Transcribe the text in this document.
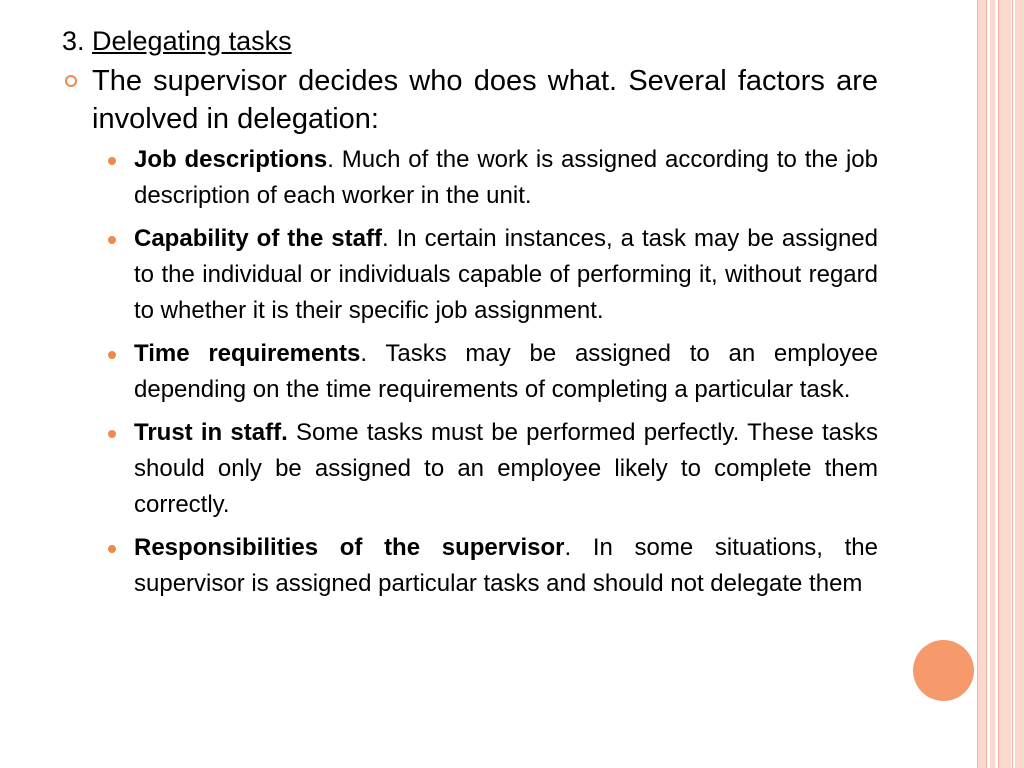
3. Delegating tasks
The supervisor decides who does what. Several factors are involved in delegation:
Job descriptions. Much of the work is assigned according to the job description of each worker in the unit.
Capability of the staff. In certain instances, a task may be assigned to the individual or individuals capable of performing it, without regard to whether it is their specific job assignment.
Time requirements. Tasks may be assigned to an employee depending on the time requirements of completing a particular task.
Trust in staff. Some tasks must be performed perfectly. These tasks should only be assigned to an employee likely to complete them correctly.
Responsibilities of the supervisor. In some situations, the supervisor is assigned particular tasks and should not delegate them
